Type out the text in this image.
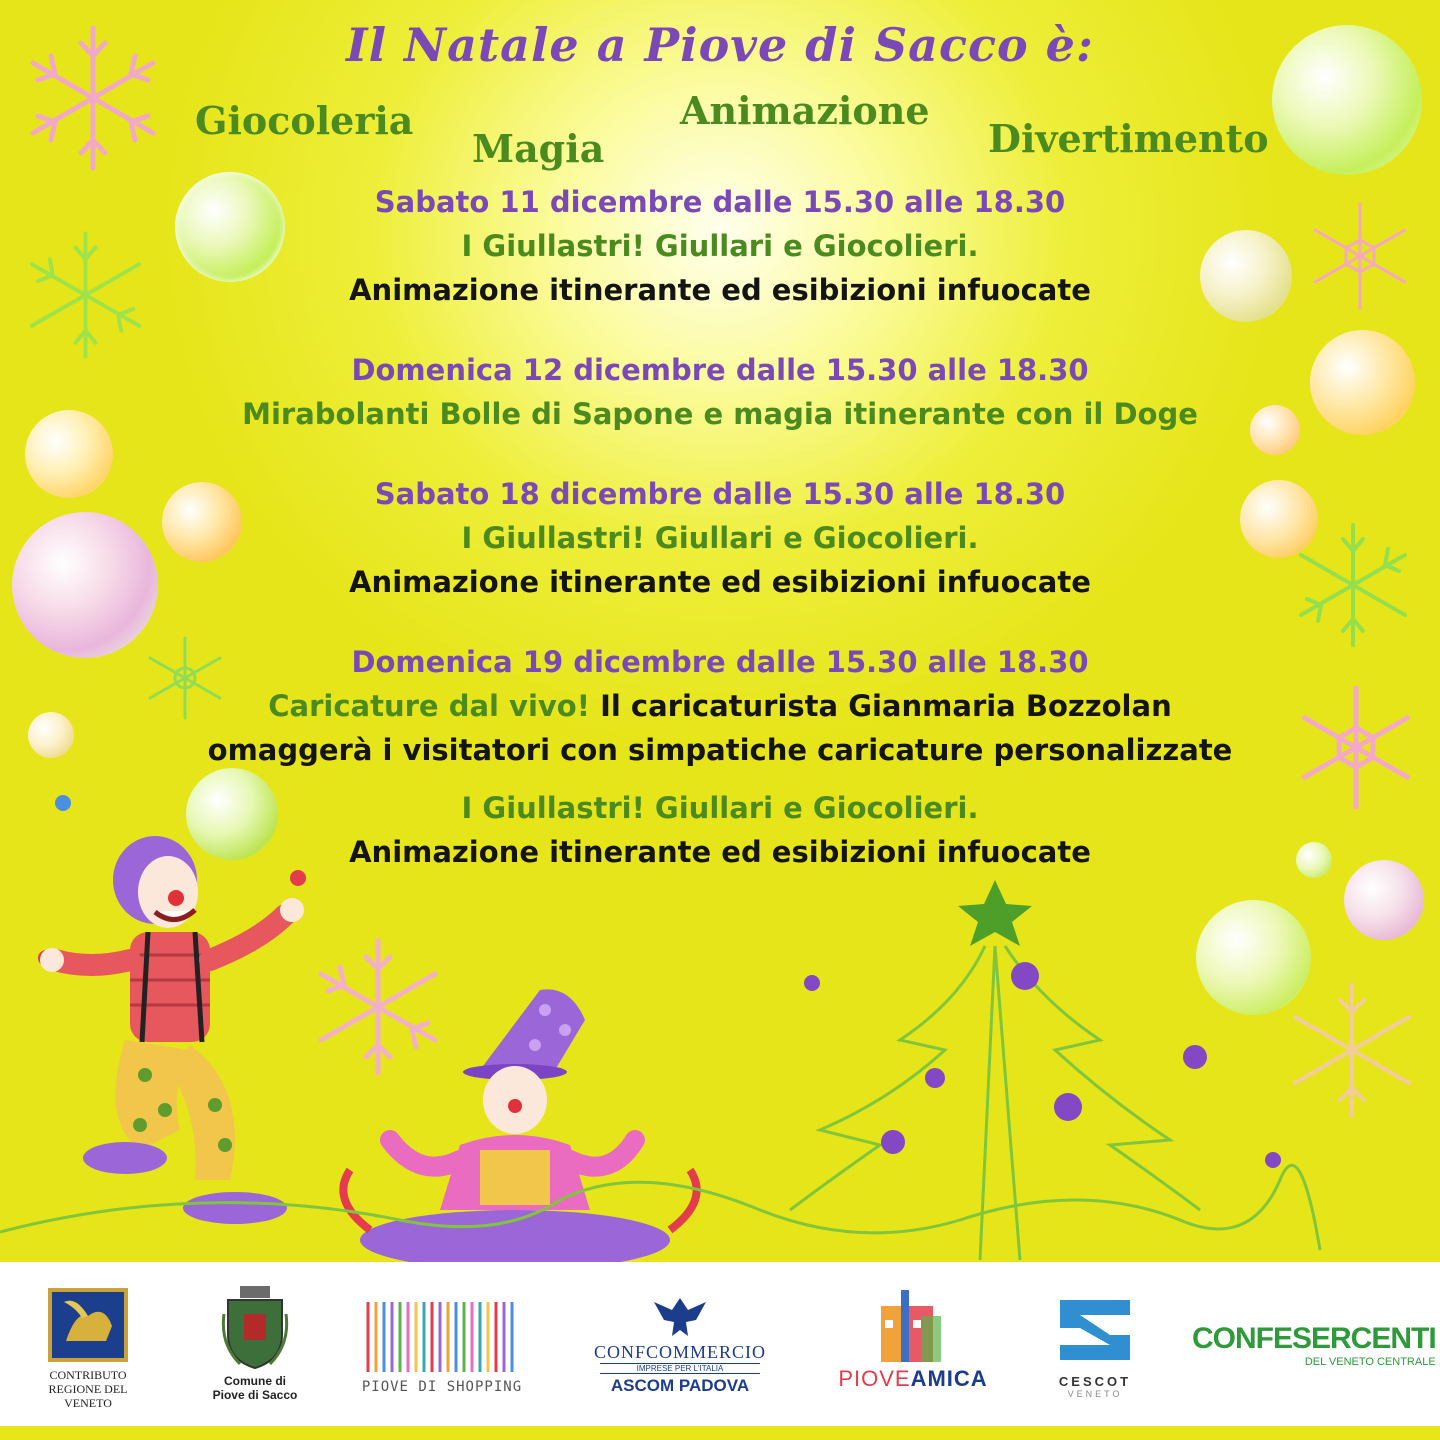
Il Natale a Piove di Sacco è:
Giocoleria
Magia
Animazione
Divertimento
Sabato 11 dicembre dalle 15.30 alle 18.30
I Giullastri! Giullari e Giocolieri.
Animazione itinerante ed esibizioni infuocate
Domenica 12 dicembre dalle 15.30 alle 18.30
Mirabolanti Bolle di Sapone e magia itinerante con il Doge
Sabato 18 dicembre dalle 15.30 alle 18.30
I Giullastri! Giullari e Giocolieri.
Animazione itinerante ed esibizioni infuocate
Domenica 19 dicembre dalle 15.30 alle 18.30
Caricature dal vivo! Il caricaturista Gianmaria Bozzolan
omaggerà i visitatori con simpatiche caricature personalizzate
I Giullastri! Giullari e Giocolieri.
Animazione itinerante ed esibizioni infuocate
CONTRIBUTO
REGIONE DEL VENETO
Comune di
Piove di Sacco	PIOVE DI SHOPPING
CONFCOMMERCIO
IMPRESE PER L'ITALIA
ASCOM PADOVA	PIOVEAMICA	CESCOT
VENETO
CONFESERCENTI
DEL VENETO CENTRALE
